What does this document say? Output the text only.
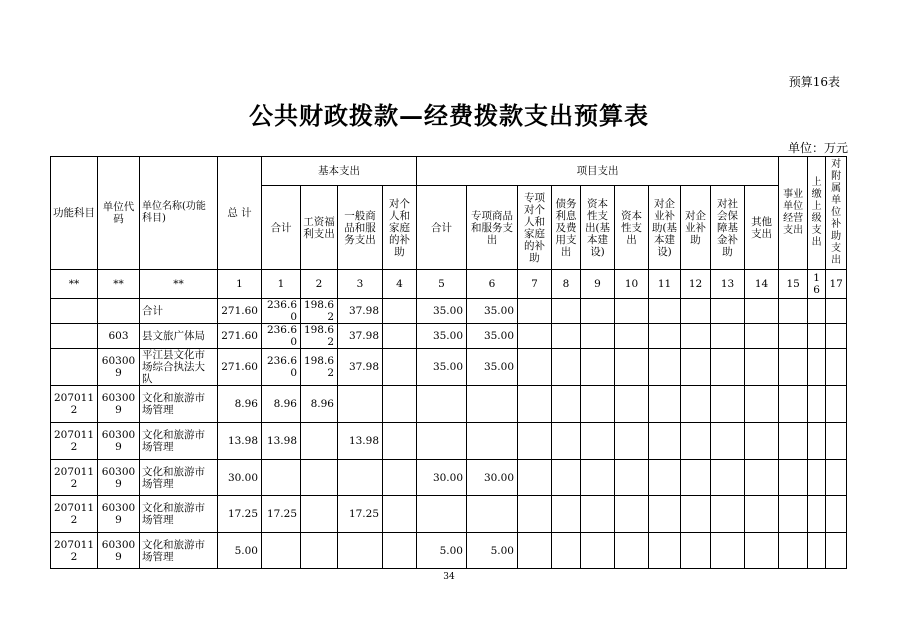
预算16表
公共财政拨款—经费拨款支出预算表
单位：万元
功能科目	单位代码	单位名称(功能科目)	总 计	基本支出				项目支出										事业单位经营支出	上缴上级支出	对附属单位补助支出
				合计	工资福利支出	一般商品和服务支出	对个人和家庭的补助	合计	专项商品和服务支出	专项对个人和家庭的补助	债务利息及费用支出	资本性支出(基本建设)	资本性支出	对企业补助(基本建设)	对企业补助	对社会保障基金补助	其他支出			
**	**	**	1	1	2	3	4	5	6	7	8	9	10	11	12	13	14	15	16	17
		合计	271.60	236.60	198.62	37.98		35.00	35.00											
	603	县文旅广体局	271.60	236.60	198.62	37.98		35.00	35.00											
	603009	平江县文化市场综合执法大队	271.60	236.60	198.62	37.98		35.00	35.00											
2070112	603009	文化和旅游市场管理	8.96	8.96	8.96															
2070112	603009	文化和旅游市场管理	13.98	13.98		13.98														
2070112	603009	文化和旅游市场管理	30.00					30.00	30.00											
2070112	603009	文化和旅游市场管理	17.25	17.25		17.25														
2070112	603009	文化和旅游市场管理	5.00					5.00	5.00											
34
